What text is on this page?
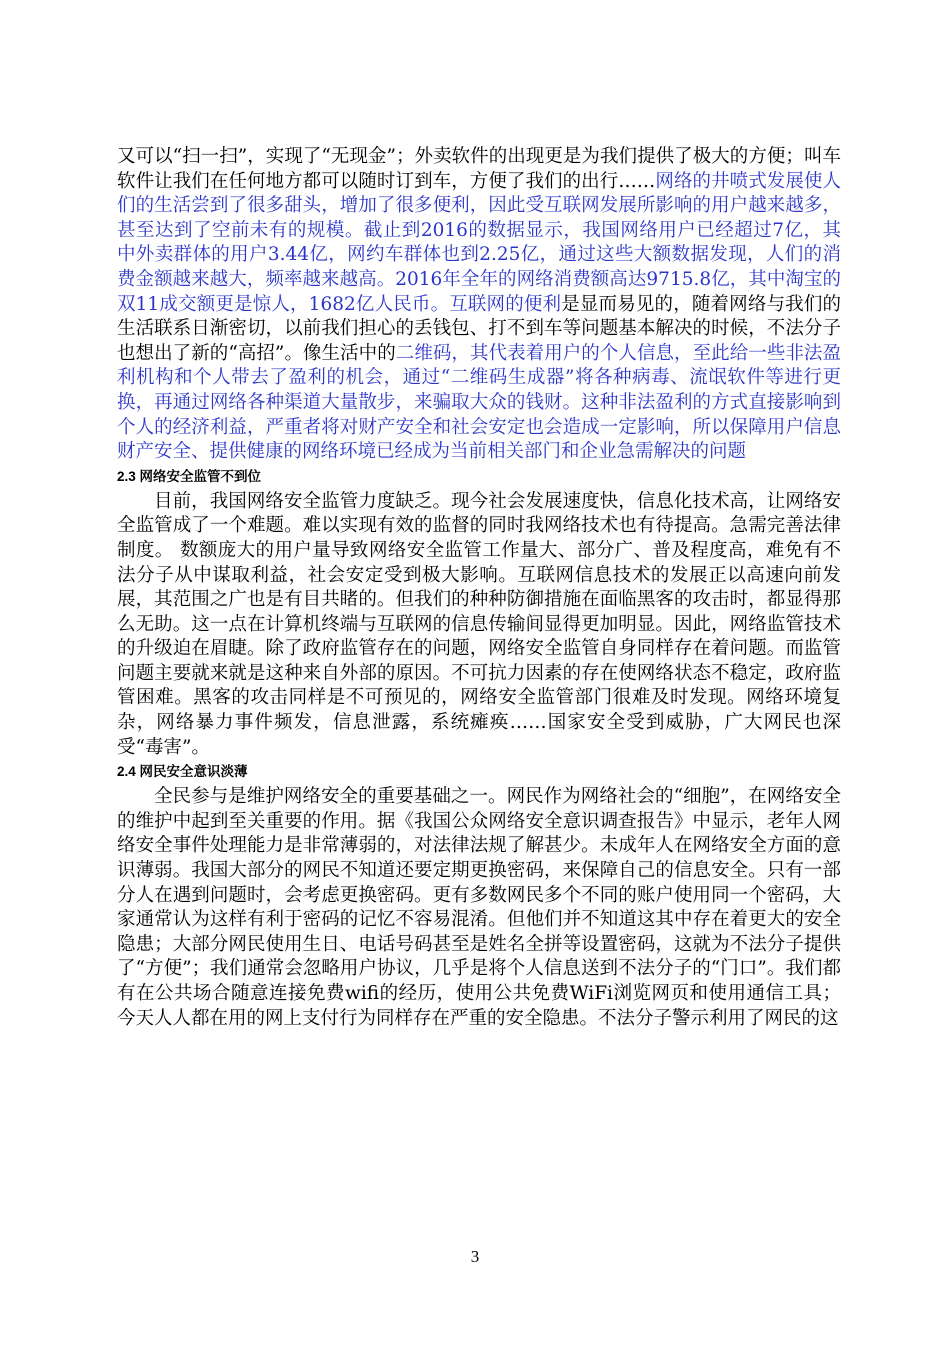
又可以“扫一扫”，实现了“无现金”；外卖软件的出现更是为我们提供了极大的方便；叫车软件让我们在任何地方都可以随时订到车，方便了我们的出行……网络的井喷式发展使人们的生活尝到了很多甜头，增加了很多便利，因此受互联网发展所影响的用户越来越多，甚至达到了空前未有的规模。截止到2016的数据显示，我国网络用户已经超过7亿，其中外卖群体的用户3.44亿，网约车群体也到2.25亿，通过这些大额数据发现，人们的消费金额越来越大，频率越来越高。2016年全年的网络消费额高达9715.8亿，其中淘宝的双11成交额更是惊人，1682亿人民币。互联网的便利是显而易见的，随着网络与我们的生活联系日渐密切，以前我们担心的丢钱包、打不到车等问题基本解决的时候，不法分子也想出了新的“高招”。像生活中的二维码，其代表着用户的个人信息，至此给一些非法盈利机构和个人带去了盈利的机会，通过“二维码生成器”将各种病毒、流氓软件等进行更换，再通过网络各种渠道大量散步，来骗取大众的钱财。这种非法盈利的方式直接影响到个人的经济利益，严重者将对财产安全和社会安定也会造成一定影响，所以保障用户信息财产安全、提供健康的网络环境已经成为当前相关部门和企业急需解决的问题

2.3 网络安全监管不到位

目前，我国网络安全监管力度缺乏。现今社会发展速度快，信息化技术高，让网络安全监管成了一个难题。难以实现有效的监督的同时我网络技术也有待提高。急需完善法律制度。 数额庞大的用户量导致网络安全监管工作量大、部分广、普及程度高，难免有不法分子从中谋取利益，社会安定受到极大影响。互联网信息技术的发展正以高速向前发展，其范围之广也是有目共睹的。但我们的种种防御措施在面临黑客的攻击时，都显得那么无助。这一点在计算机终端与互联网的信息传输间显得更加明显。因此，网络监管技术的升级迫在眉睫。除了政府监管存在的问题，网络安全监管自身同样存在着问题。而监管问题主要就来就是这种来自外部的原因。不可抗力因素的存在使网络状态不稳定，政府监管困难。黑客的攻击同样是不可预见的，网络安全监管部门很难及时发现。网络环境复杂，网络暴力事件频发，信息泄露，系统瘫痪……国家安全受到威胁，广大网民也深受“毒害”。

2.4 网民安全意识淡薄

全民参与是维护网络安全的重要基础之一。网民作为网络社会的“细胞”，在网络安全的维护中起到至关重要的作用。据《我国公众网络安全意识调查报告》中显示，老年人网络安全事件处理能力是非常薄弱的，对法律法规了解甚少。未成年人在网络安全方面的意识薄弱。我国大部分的网民不知道还要定期更换密码，来保障自己的信息安全。只有一部分人在遇到问题时，会考虑更换密码。更有多数网民多个不同的账户使用同一个密码，大家通常认为这样有利于密码的记忆不容易混淆。但他们并不知道这其中存在着更大的安全隐患；大部分网民使用生日、电话号码甚至是姓名全拼等设置密码，这就为不法分子提供了“方便”；我们通常会忽略用户协议，几乎是将个人信息送到不法分子的“门口”。我们都有在公共场合随意连接免费wifi的经历，使用公共免费WiFi浏览网页和使用通信工具；今天人人都在用的网上支付行为同样存在严重的安全隐患。不法分子警示利用了网民的这

3
